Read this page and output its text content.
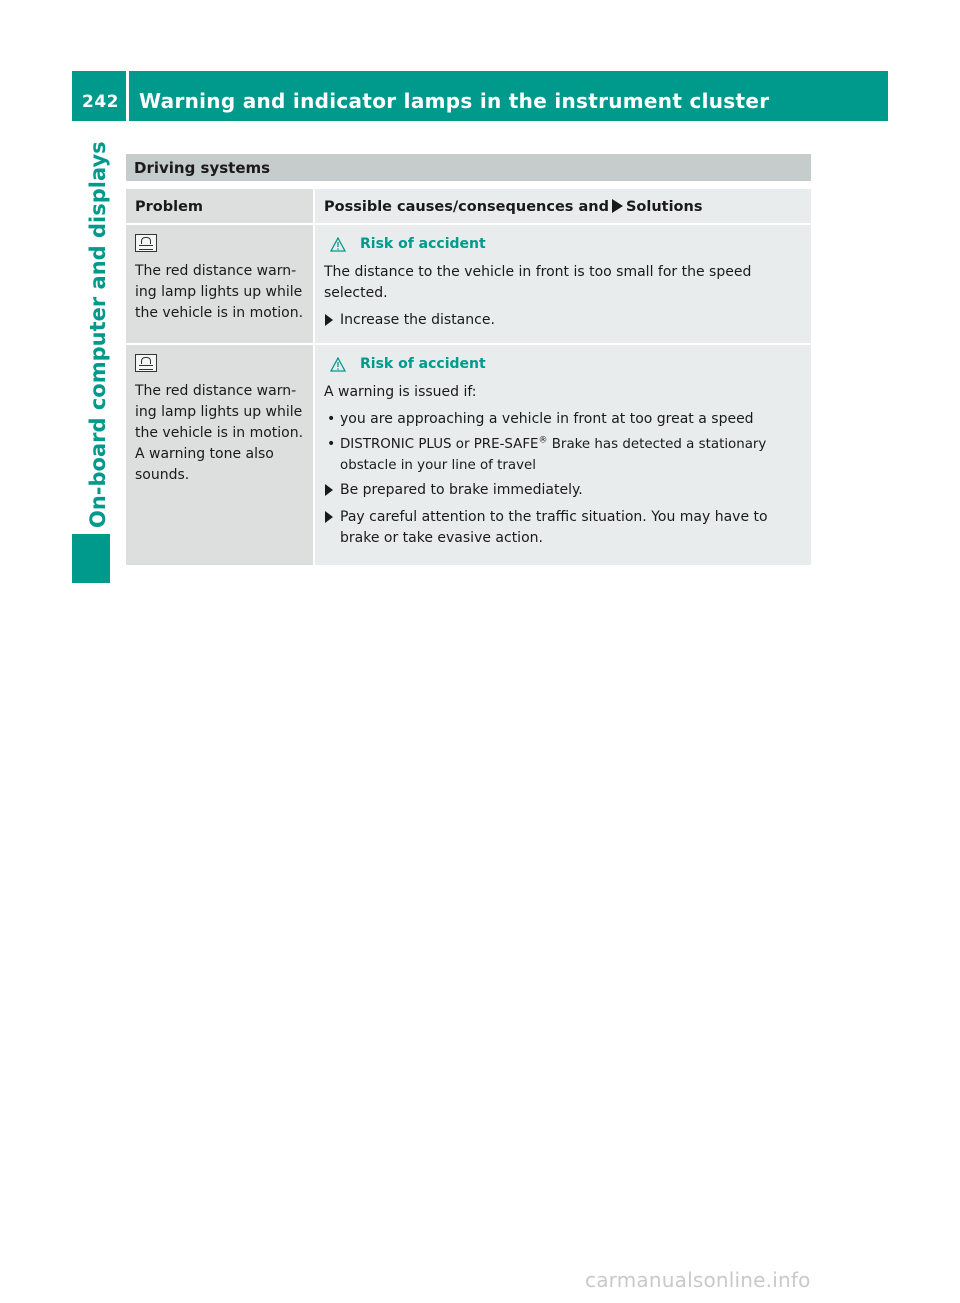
242 Warning and indicator lamps in the instrument cluster
On-board computer and displays	Driving systems
Problem	Possible causes/consequences and Solutions
The red distance warn-ing lamp lights up while the vehicle is in motion.
Risk of accident
The distance to the vehicle in front is too small for the speed selected.
Increase the distance.
The red distance warn-ing lamp lights up while the vehicle is in motion. A warning tone also sounds.
Risk of accident
A warning is issued if:
• you are approaching a vehicle in front at too great a speed
• DISTRONIC PLUS or PRE-SAFE® Brake has detected a stationary obstacle in your line of travel
Be prepared to brake immediately.
Pay careful attention to the traffic situation. You may have to brake or take evasive action.
carmanualsonline.info
